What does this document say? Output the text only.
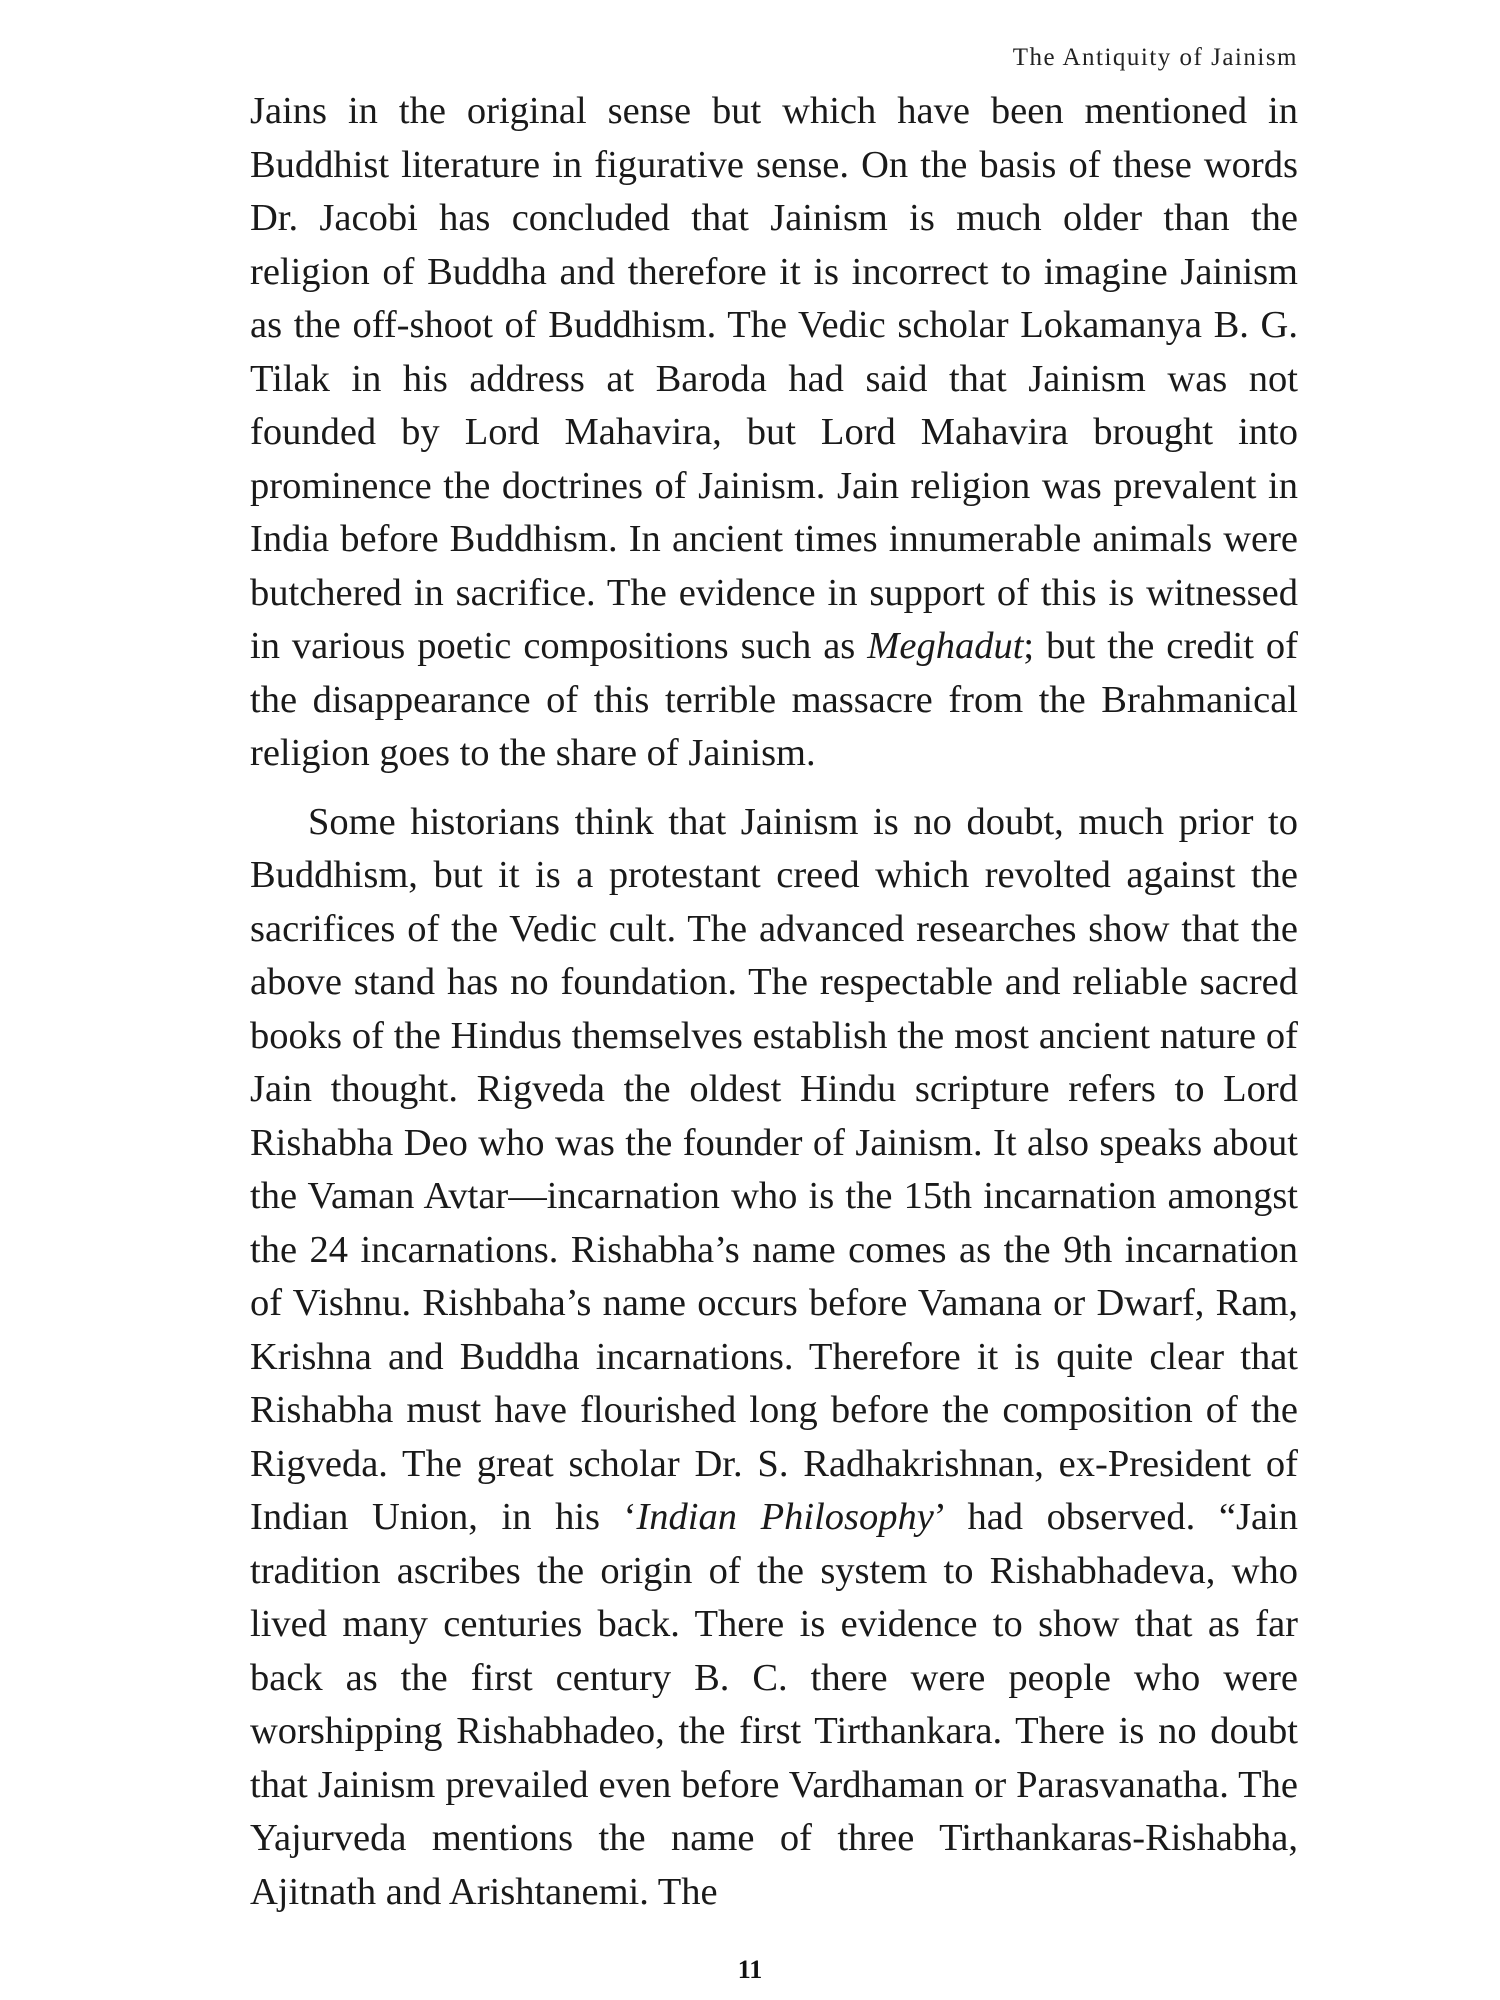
The Antiquity of Jainism

Jains in the original sense but which have been mentioned in Buddhist literature in figurative sense. On the basis of these words Dr. Jacobi has concluded that Jainism is much older than the religion of Buddha and therefore it is incorrect to imagine Jainism as the off-shoot of Buddhism. The Vedic scholar Lokamanya B. G. Tilak in his address at Baroda had said that Jainism was not founded by Lord Mahavira, but Lord Mahavira brought into prominence the doctrines of Jainism. Jain religion was prevalent in India before Buddhism. In ancient times innumerable animals were butchered in sacrifice. The evidence in support of this is witnessed in various poetic compositions such as Meghadut; but the credit of the disappearance of this terrible massacre from the Brahmanical religion goes to the share of Jainism.

Some historians think that Jainism is no doubt, much prior to Buddhism, but it is a protestant creed which revolted against the sacrifices of the Vedic cult. The advanced researches show that the above stand has no foundation. The respectable and reliable sacred books of the Hindus themselves establish the most ancient nature of Jain thought. Rigveda the oldest Hindu scripture refers to Lord Rishabha Deo who was the founder of Jainism. It also speaks about the Vaman Avtar—incarnation who is the 15th incarnation amongst the 24 incarnations. Rishabha’s name comes as the 9th incarnation of Vishnu. Rishbaha’s name occurs before Vamana or Dwarf, Ram, Krishna and Buddha incarnations. Therefore it is quite clear that Rishabha must have flourished long before the composition of the Rigveda. The great scholar Dr. S. Radhakrishnan, ex-President of Indian Union, in his ‘Indian Philosophy’ had observed. “Jain tradition ascribes the origin of the system to Rishabhadeva, who lived many centuries back. There is evidence to show that as far back as the first century B. C. there were people who were worshipping Rishabhadeo, the first Tirthankara. There is no doubt that Jainism prevailed even before Vardhaman or Parasvanatha. The Yajurveda mentions the name of three Tirthankaras-Rishabha, Ajitnath and Arishtanemi. The

11
